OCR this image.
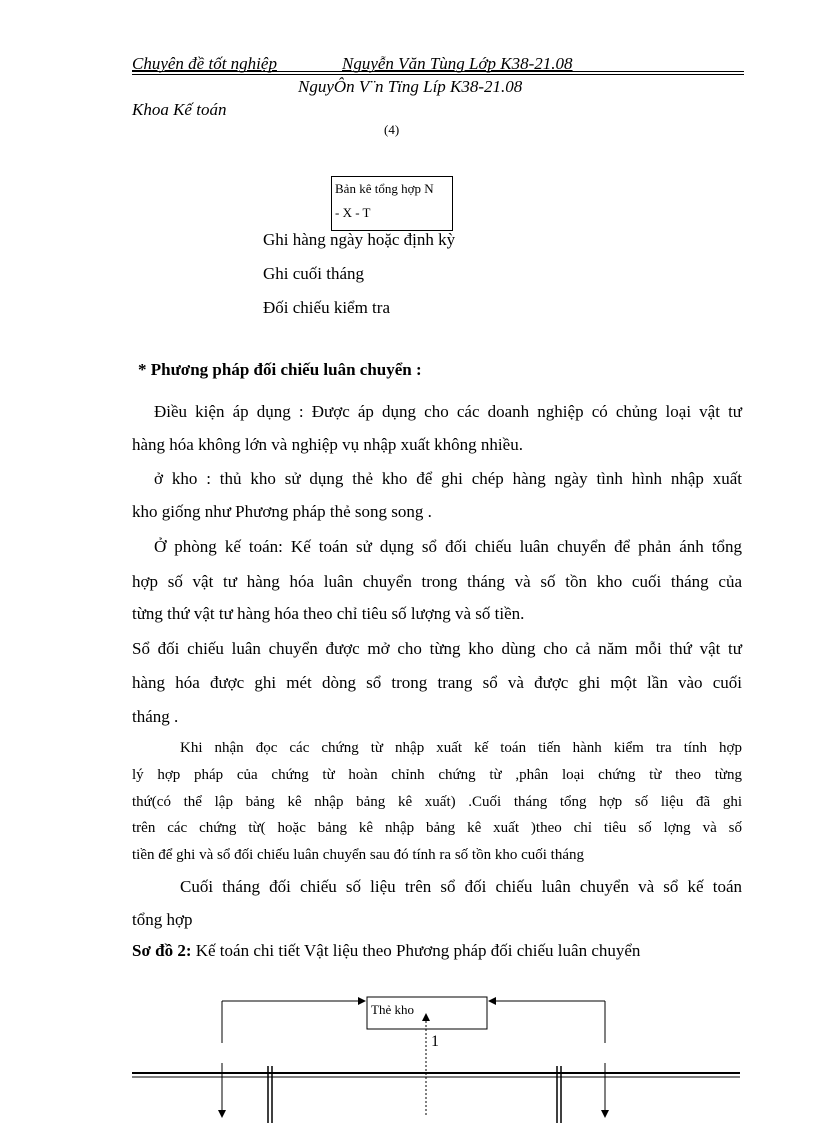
Chuyên đề tốt nghiệp	Nguyễn Văn Tùng Lớp K38-21.08
NguyÔn V¨n Tïng Líp K38-21.08
Khoa Kế toán
(4)
Bản kê tổng hợp N
- X - T
Ghi hàng ngày hoặc định kỳ
Ghi cuối tháng
Đối chiếu kiểm tra
* Phương pháp đối chiếu luân chuyển :
Điều kiện áp dụng : Được áp dụng cho các doanh nghiệp có chủng loại vật tư
hàng hóa không lớn và nghiệp vụ nhập xuất không nhiều.
ở kho : thủ kho sử dụng thẻ kho để ghi chép hàng ngày tình hình nhập xuất
kho giống như Phương pháp thẻ song song .
Ở phòng kế toán: Kế toán sử dụng sổ đối chiếu luân chuyển để phản ánh tổng
hợp số vật tư hàng hóa luân chuyển trong tháng và số tồn kho cuối tháng của
từng thứ vật tư hàng hóa theo chỉ tiêu số lượng và số tiền.
Sổ đối chiếu luân chuyển được mở cho từng kho dùng cho cả năm mỗi thứ vật tư
hàng hóa được ghi mét dòng sổ trong trang sổ và được ghi một lần vào cuối
tháng .
Khi nhận đọc các chứng từ nhập xuất kế toán tiến hành kiểm tra tính hợp
lý hợp pháp của chứng từ hoàn chỉnh chứng từ ,phân loại chứng từ theo từng
thứ(có thể lập bảng kê nhập bảng kê xuất) .Cuối tháng tổng hợp số liệu đã ghi
trên các chứng từ( hoặc bảng kê nhập bảng kê xuất )theo chỉ tiêu số lợng và số
tiền để ghi và sổ đối chiếu luân chuyển sau đó tính ra số tồn kho cuối tháng
Cuối tháng đối chiếu số liệu trên sổ đối chiếu luân chuyển và sổ kế toán
tổng hợp
Sơ đồ 2: Kế toán chi tiết Vật liệu theo Phương pháp đối chiếu luân chuyển
Thẻ kho
1
